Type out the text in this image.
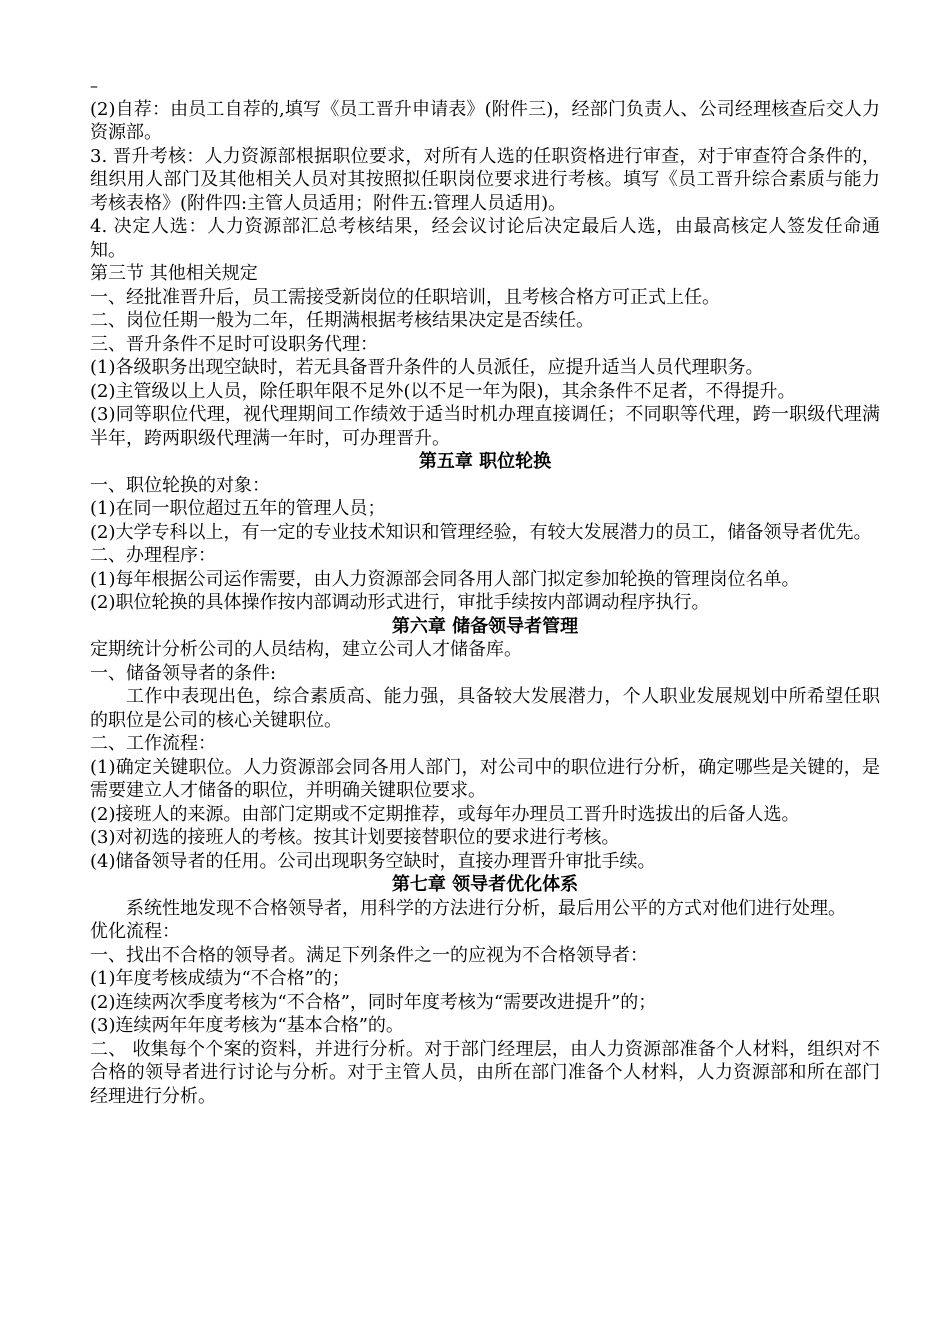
–

(2)自荐：由员工自荐的,填写《员工晋升申请表》(附件三)，经部门负责人、公司经理核查后交人力资源部。

3. 晋升考核：人力资源部根据职位要求，对所有人选的任职资格进行审查，对于审查符合条件的，组织用人部门及其他相关人员对其按照拟任职岗位要求进行考核。填写《员工晋升综合素质与能力考核表格》(附件四:主管人员适用；附件五:管理人员适用)。

4. 决定人选：人力资源部汇总考核结果，经会议讨论后决定最后人选，由最高核定人签发任命通知。

第三节 其他相关规定

一、经批准晋升后，员工需接受新岗位的任职培训，且考核合格方可正式上任。

二、岗位任期一般为二年，任期满根据考核结果决定是否续任。

三、晋升条件不足时可设职务代理：

(1)各级职务出现空缺时，若无具备晋升条件的人员派任，应提升适当人员代理职务。

(2)主管级以上人员，除任职年限不足外(以不足一年为限)，其余条件不足者，不得提升。

(3)同等职位代理，视代理期间工作绩效于适当时机办理直接调任；不同职等代理，跨一职级代理满半年，跨两职级代理满一年时，可办理晋升。

第五章 职位轮换

一、职位轮换的对象：

(1)在同一职位超过五年的管理人员；

(2)大学专科以上，有一定的专业技术知识和管理经验，有较大发展潜力的员工，储备领导者优先。

二、办理程序：

(1)每年根据公司运作需要，由人力资源部会同各用人部门拟定参加轮换的管理岗位名单。

(2)职位轮换的具体操作按内部调动形式进行，审批手续按内部调动程序执行。

第六章 储备领导者管理

定期统计分析公司的人员结构，建立公司人才储备库。

一、储备领导者的条件:

工作中表现出色，综合素质高、能力强，具备较大发展潜力，个人职业发展规划中所希望任职的职位是公司的核心关键职位。

二、工作流程：

(1)确定关键职位。人力资源部会同各用人部门，对公司中的职位进行分析，确定哪些是关键的，是需要建立人才储备的职位，并明确关键职位要求。

(2)接班人的来源。由部门定期或不定期推荐，或每年办理员工晋升时选拔出的后备人选。

(3)对初选的接班人的考核。按其计划要接替职位的要求进行考核。

(4)储备领导者的任用。公司出现职务空缺时，直接办理晋升审批手续。

第七章 领导者优化体系

系统性地发现不合格领导者，用科学的方法进行分析，最后用公平的方式对他们进行处理。

优化流程：

一、找出不合格的领导者。满足下列条件之一的应视为不合格领导者：

(1)年度考核成绩为“不合格”的；

(2)连续两次季度考核为“不合格”，同时年度考核为“需要改进提升”的；

(3)连续两年年度考核为“基本合格”的。

二、 收集每个个案的资料，并进行分析。对于部门经理层，由人力资源部准备个人材料，组织对不合格的领导者进行讨论与分析。对于主管人员，由所在部门准备个人材料，人力资源部和所在部门经理进行分析。
